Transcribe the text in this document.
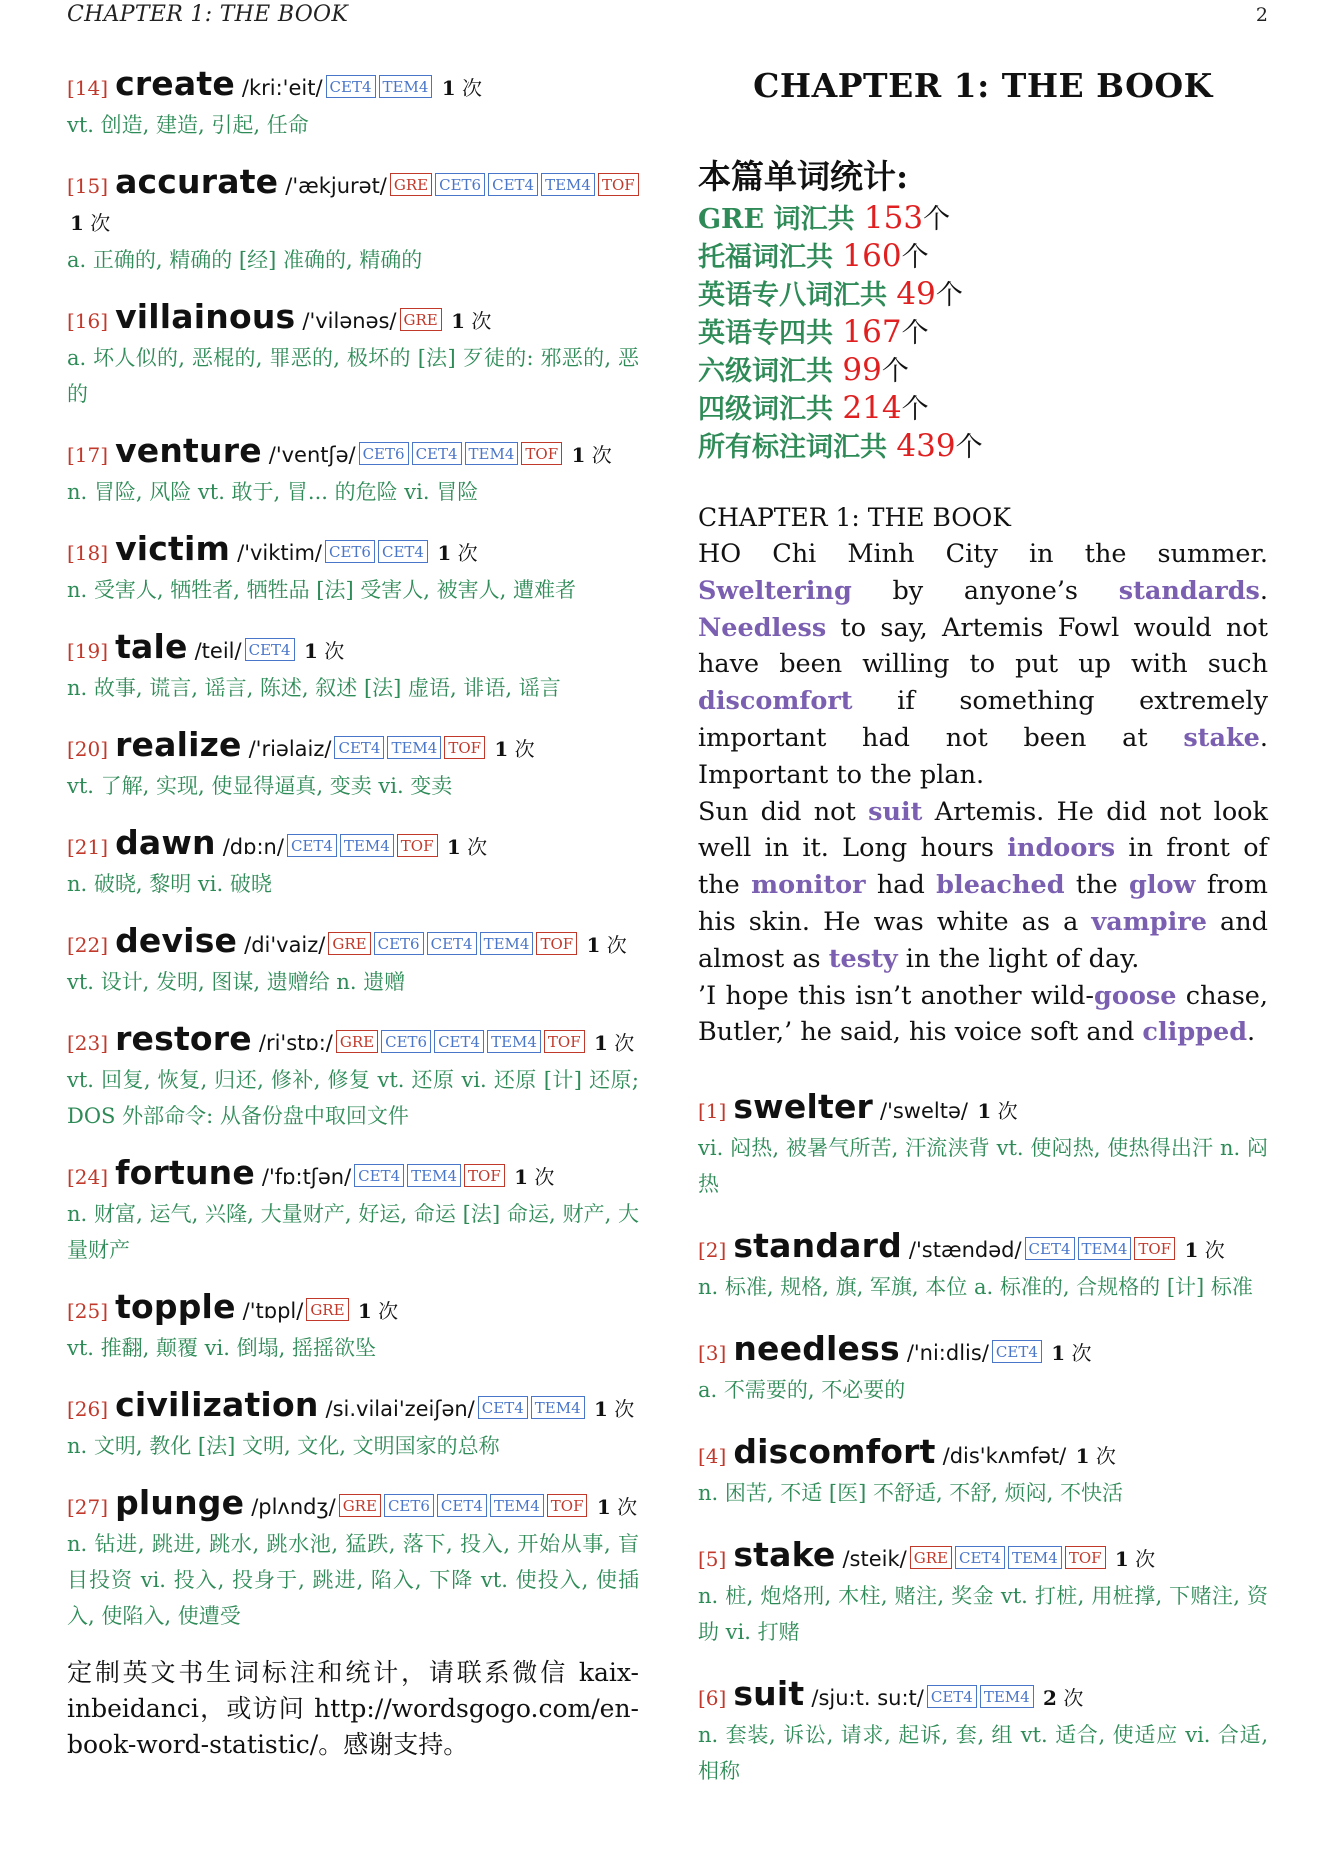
CHAPTER 1: THE BOOK	2
[14] create /kri:'eit/ CET4 TEM4 1 次
vt. 创造, 建造, 引起, 任命
[15] accurate /'ækjurət/ GRE CET6 CET4 TEM4 TOF 1 次
a. 正确的, 精确的 [经] 准确的, 精确的
[16] villainous /'vilənəs/ GRE 1 次
a. 坏人似的, 恶棍的, 罪恶的, 极坏的 [法] 歹徒的: 邪恶的, 恶的
[17] venture /'ventʃə/ CET6 CET4 TEM4 TOF 1 次
n. 冒险, 风险 vt. 敢于, 冒... 的危险 vi. 冒险
[18] victim /'viktim/ CET6 CET4 1 次
n. 受害人, 牺牲者, 牺牲品 [法] 受害人, 被害人, 遭难者
[19] tale /teil/ CET4 1 次
n. 故事, 谎言, 谣言, 陈述, 叙述 [法] 虚语, 诽语, 谣言
[20] realize /'riəlaiz/ CET4 TEM4 TOF 1 次
vt. 了解, 实现, 使显得逼真, 变卖 vi. 变卖
[21] dawn /dɒ:n/ CET4 TEM4 TOF 1 次
n. 破晓, 黎明 vi. 破晓
[22] devise /di'vaiz/ GRE CET6 CET4 TEM4 TOF 1 次
vt. 设计, 发明, 图谋, 遗赠给 n. 遗赠
[23] restore /ri'stɒ:/ GRE CET6 CET4 TEM4 TOF 1 次
vt. 回复, 恢复, 归还, 修补, 修复 vt. 还原 vi. 还原 [计] 还原; DOS 外部命令: 从备份盘中取回文件
[24] fortune /'fɒ:tʃən/ CET4 TEM4 TOF 1 次
n. 财富, 运气, 兴隆, 大量财产, 好运, 命运 [法] 命运, 财产, 大量财产
[25] topple /'tɒpl/ GRE 1 次
vt. 推翻, 颠覆 vi. 倒塌, 摇摇欲坠
[26] civilization /si.vilai'zeiʃən/ CET4 TEM4 1 次
n. 文明, 教化 [法] 文明, 文化, 文明国家的总称
[27] plunge /plʌndʒ/ GRE CET6 CET4 TEM4 TOF 1 次
n. 钻进, 跳进, 跳水, 跳水池, 猛跌, 落下, 投入, 开始从事, 盲目投资 vi. 投入, 投身于, 跳进, 陷入, 下降 vt. 使投入, 使插入, 使陷入, 使遭受
定制英文书生词标注和统计，请联系微信 kaix-inbeidanci，或访问 http://wordsgogo.com/en-book-word-statistic/。感谢支持。
CHAPTER 1: THE BOOK
本篇单词统计:
GRE 词汇共 153个
托福词汇共 160个
英语专八词汇共 49个
英语专四共 167个
六级词汇共 99个
四级词汇共 214个
所有标注词汇共 439个
CHAPTER 1: THE BOOK

HO Chi Minh City in the summer. Sweltering by anyone’s standards. Needless to say, Artemis Fowl would not have been willing to put up with such discomfort if something extremely important had not been at stake. Important to the plan.

Sun did not suit Artemis. He did not look well in it. Long hours indoors in front of the monitor had bleached the glow from his skin. He was white as a vampire and almost as testy in the light of day.

’I hope this isn’t another wild-goose chase, Butler,’ he said, his voice soft and clipped.

[1] swelter /'sweltə/ 1 次
vi. 闷热, 被暑气所苦, 汗流浃背 vt. 使闷热, 使热得出汗 n. 闷热
[2] standard /'stændəd/ CET4 TEM4 TOF 1 次
n. 标准, 规格, 旗, 军旗, 本位 a. 标准的, 合规格的 [计] 标准
[3] needless /'ni:dlis/ CET4 1 次
a. 不需要的, 不必要的
[4] discomfort /dis'kʌmfət/ 1 次
n. 困苦, 不适 [医] 不舒适, 不舒, 烦闷, 不快活
[5] stake /steik/ GRE CET4 TEM4 TOF 1 次
n. 桩, 炮烙刑, 木柱, 赌注, 奖金 vt. 打桩, 用桩撑, 下赌注, 资助 vi. 打赌
[6] suit /sju:t. su:t/ CET4 TEM4 2 次
n. 套装, 诉讼, 请求, 起诉, 套, 组 vt. 适合, 使适应 vi. 合适, 相称
